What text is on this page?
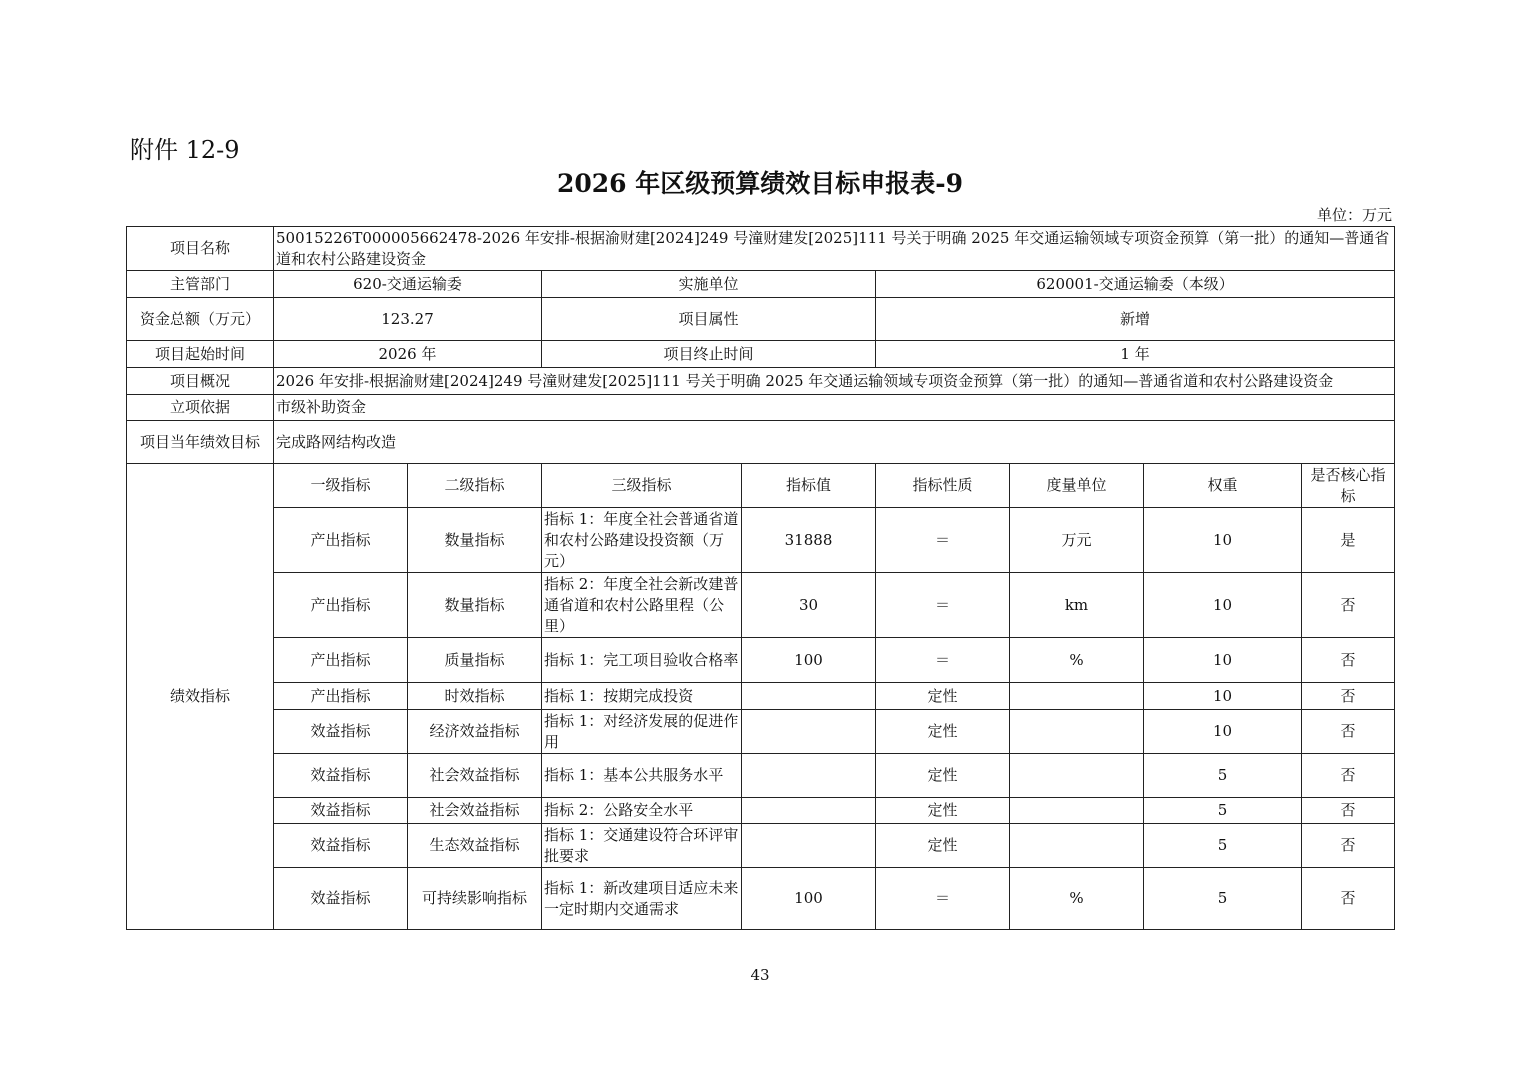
附件 12-9
2026 年区级预算绩效目标申报表-9
单位：万元
项目名称	50015226T000005662478-2026 年安排-根据渝财建[2024]249 号潼财建发[2025]111 号关于明确 2025 年交通运输领域专项资金预算（第一批）的通知—普通省道和农村公路建设资金							
主管部门	620-交通运输委		实施单位		620001-交通运输委（本级）			
资金总额（万元）	123.27		项目属性		新增			
项目起始时间	2026 年		项目终止时间		1 年			
项目概况	2026 年安排-根据渝财建[2024]249 号潼财建发[2025]111 号关于明确 2025 年交通运输领域专项资金预算（第一批）的通知—普通省道和农村公路建设资金							
立项依据	市级补助资金							
项目当年绩效目标	完成路网结构改造							
绩效指标	一级指标	二级指标	三级指标	指标值	指标性质	度量单位	权重	是否核心指标
	产出指标	数量指标	指标 1：年度全社会普通省道和农村公路建设投资额（万元）	31888	＝	万元	10	是
	产出指标	数量指标	指标 2：年度全社会新改建普通省道和农村公路里程（公里）	30	＝	km	10	否
	产出指标	质量指标	指标 1：完工项目验收合格率	100	＝	%	10	否
	产出指标	时效指标	指标 1：按期完成投资		定性		10	否
	效益指标	经济效益指标	指标 1：对经济发展的促进作用		定性		10	否
	效益指标	社会效益指标	指标 1：基本公共服务水平		定性		5	否
	效益指标	社会效益指标	指标 2：公路安全水平		定性		5	否
	效益指标	生态效益指标	指标 1：交通建设符合环评审批要求		定性		5	否
	效益指标	可持续影响指标	指标 1：新改建项目适应未来一定时期内交通需求	100	＝	%	5	否
43
